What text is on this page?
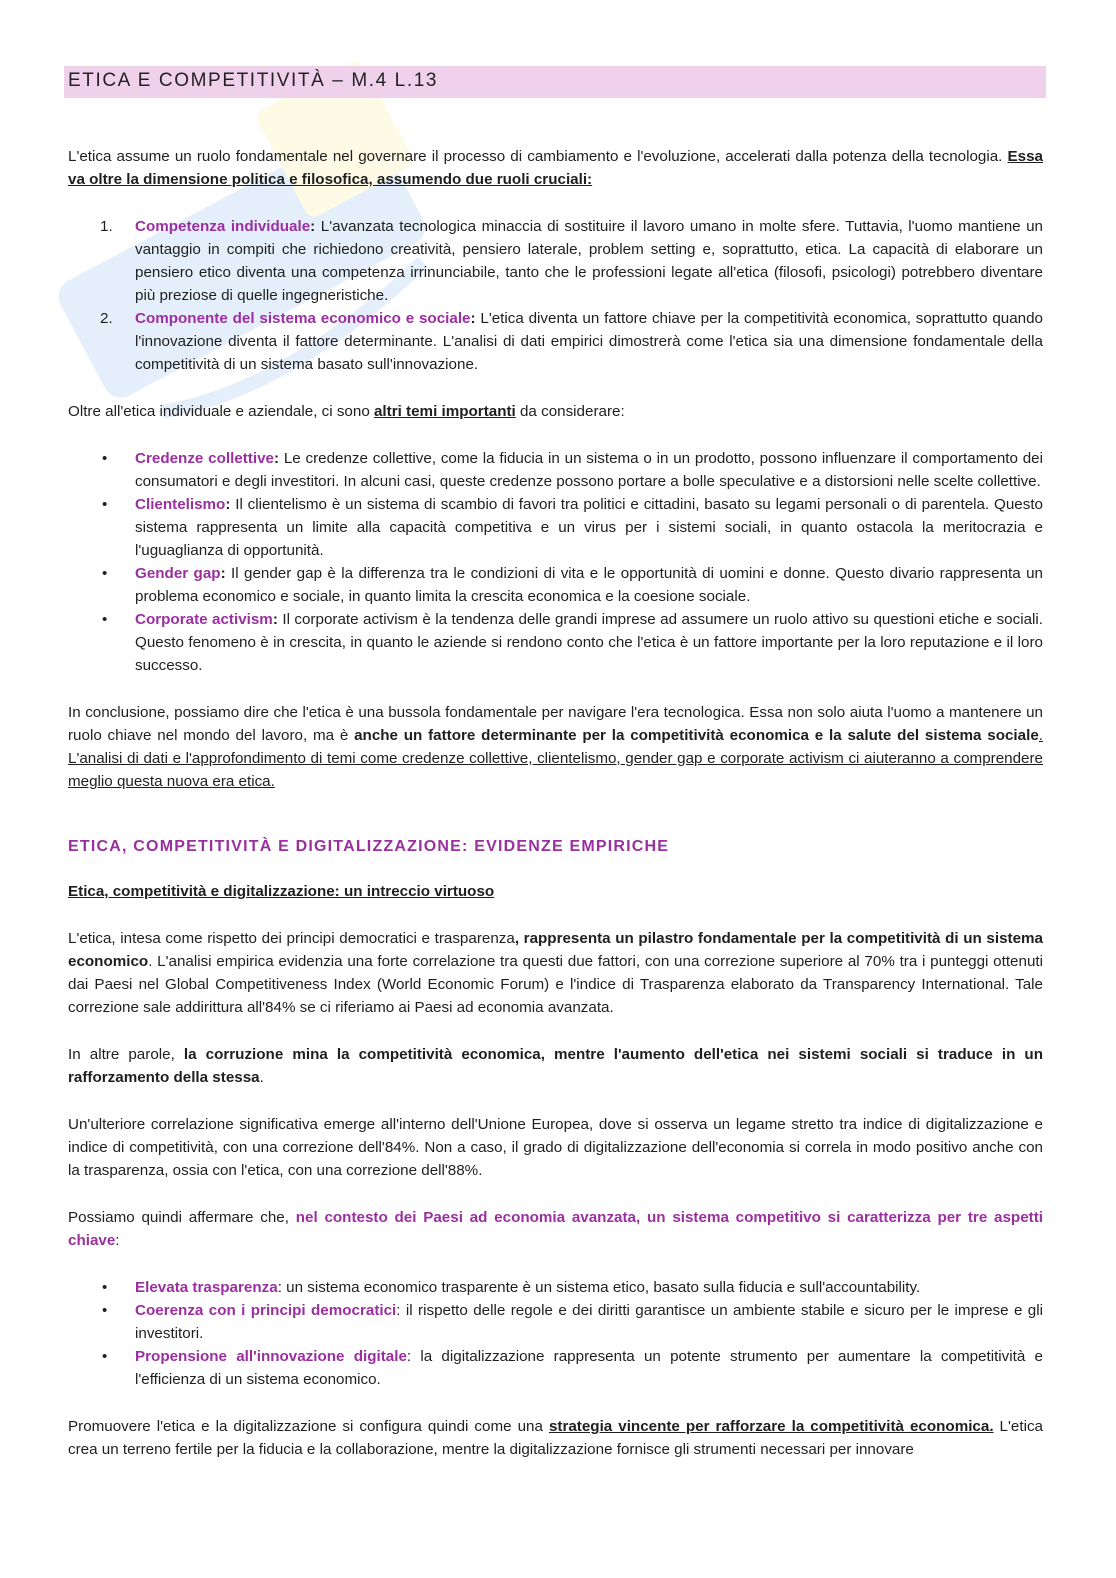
ETICA E COMPETITIVITÀ – M.4 L.13

L'etica assume un ruolo fondamentale nel governare il processo di cambiamento e l'evoluzione, accelerati dalla potenza della tecnologia. Essa va oltre la dimensione politica e filosofica, assumendo due ruoli cruciali:

1. Competenza individuale: L'avanzata tecnologica minaccia di sostituire il lavoro umano in molte sfere. Tuttavia, l'uomo mantiene un vantaggio in compiti che richiedono creatività, pensiero laterale, problem setting e, soprattutto, etica. La capacità di elaborare un pensiero etico diventa una competenza irrinunciabile, tanto che le professioni legate all'etica (filosofi, psicologi) potrebbero diventare più preziose di quelle ingegneristiche.
2. Componente del sistema economico e sociale: L'etica diventa un fattore chiave per la competitività economica, soprattutto quando l'innovazione diventa il fattore determinante. L'analisi di dati empirici dimostrerà come l'etica sia una dimensione fondamentale della competitività di un sistema basato sull'innovazione.

Oltre all'etica individuale e aziendale, ci sono altri temi importanti da considerare:

• Credenze collettive: Le credenze collettive, come la fiducia in un sistema o in un prodotto, possono influenzare il comportamento dei consumatori e degli investitori. In alcuni casi, queste credenze possono portare a bolle speculative e a distorsioni nelle scelte collettive.
• Clientelismo: Il clientelismo è un sistema di scambio di favori tra politici e cittadini, basato su legami personali o di parentela. Questo sistema rappresenta un limite alla capacità competitiva e un virus per i sistemi sociali, in quanto ostacola la meritocrazia e l'uguaglianza di opportunità.
• Gender gap: Il gender gap è la differenza tra le condizioni di vita e le opportunità di uomini e donne. Questo divario rappresenta un problema economico e sociale, in quanto limita la crescita economica e la coesione sociale.
• Corporate activism: Il corporate activism è la tendenza delle grandi imprese ad assumere un ruolo attivo su questioni etiche e sociali. Questo fenomeno è in crescita, in quanto le aziende si rendono conto che l'etica è un fattore importante per la loro reputazione e il loro successo.

In conclusione, possiamo dire che l'etica è una bussola fondamentale per navigare l'era tecnologica. Essa non solo aiuta l'uomo a mantenere un ruolo chiave nel mondo del lavoro, ma è anche un fattore determinante per la competitività economica e la salute del sistema sociale. L'analisi di dati e l'approfondimento di temi come credenze collettive, clientelismo, gender gap e corporate activism ci aiuteranno a comprendere meglio questa nuova era etica.

ETICA, COMPETITIVITÀ E DIGITALIZZAZIONE: EVIDENZE EMPIRICHE

Etica, competitività e digitalizzazione: un intreccio virtuoso

L'etica, intesa come rispetto dei principi democratici e trasparenza, rappresenta un pilastro fondamentale per la competitività di un sistema economico. L'analisi empirica evidenzia una forte correlazione tra questi due fattori, con una correzione superiore al 70% tra i punteggi ottenuti dai Paesi nel Global Competitiveness Index (World Economic Forum) e l'indice di Trasparenza elaborato da Transparency International. Tale correzione sale addirittura all'84% se ci riferiamo ai Paesi ad economia avanzata.

In altre parole, la corruzione mina la competitività economica, mentre l'aumento dell'etica nei sistemi sociali si traduce in un rafforzamento della stessa.

Un'ulteriore correlazione significativa emerge all'interno dell'Unione Europea, dove si osserva un legame stretto tra indice di digitalizzazione e indice di competitività, con una correzione dell'84%. Non a caso, il grado di digitalizzazione dell'economia si correla in modo positivo anche con la trasparenza, ossia con l'etica, con una correzione dell'88%.

Possiamo quindi affermare che, nel contesto dei Paesi ad economia avanzata, un sistema competitivo si caratterizza per tre aspetti chiave:

• Elevata trasparenza: un sistema economico trasparente è un sistema etico, basato sulla fiducia e sull'accountability.
• Coerenza con i principi democratici: il rispetto delle regole e dei diritti garantisce un ambiente stabile e sicuro per le imprese e gli investitori.
• Propensione all'innovazione digitale: la digitalizzazione rappresenta un potente strumento per aumentare la competitività e l'efficienza di un sistema economico.

Promuovere l'etica e la digitalizzazione si configura quindi come una strategia vincente per rafforzare la competitività economica. L'etica crea un terreno fertile per la fiducia e la collaborazione, mentre la digitalizzazione fornisce gli strumenti necessari per innovare
